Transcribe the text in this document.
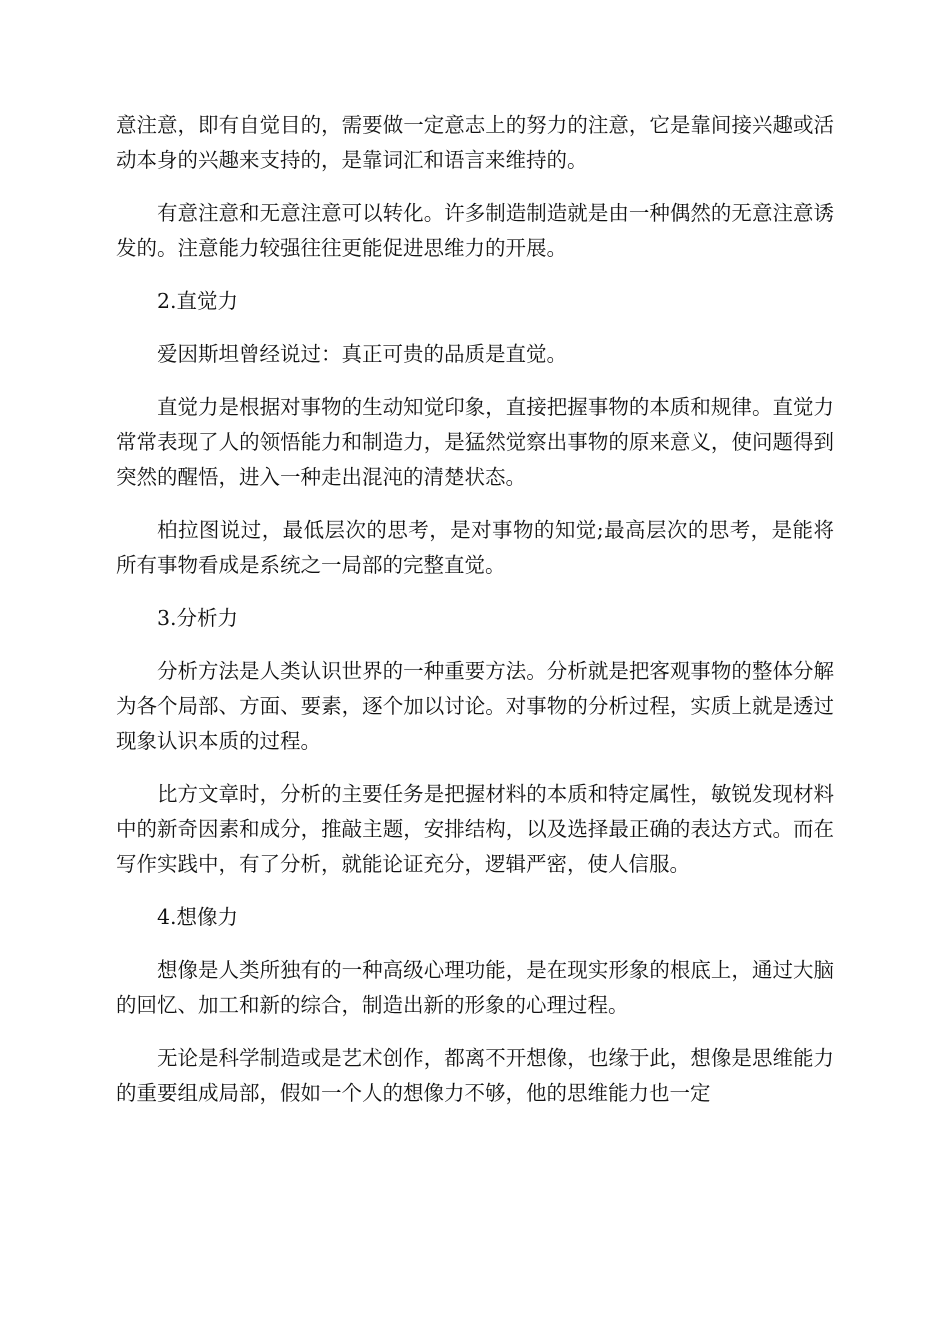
意注意，即有自觉目的，需要做一定意志上的努力的注意，它是靠间接兴趣或活动本身的兴趣来支持的，是靠词汇和语言来维持的。

有意注意和无意注意可以转化。许多制造制造就是由一种偶然的无意注意诱发的。注意能力较强往往更能促进思维力的开展。

2.直觉力

爱因斯坦曾经说过：真正可贵的品质是直觉。

直觉力是根据对事物的生动知觉印象，直接把握事物的本质和规律。直觉力常常表现了人的领悟能力和制造力，是猛然觉察出事物的原来意义，使问题得到突然的醒悟，进入一种走出混沌的清楚状态。

柏拉图说过，最低层次的思考，是对事物的知觉;最高层次的思考，是能将所有事物看成是系统之一局部的完整直觉。

3.分析力

分析方法是人类认识世界的一种重要方法。分析就是把客观事物的整体分解为各个局部、方面、要素，逐个加以讨论。对事物的分析过程，实质上就是透过现象认识本质的过程。

比方文章时，分析的主要任务是把握材料的本质和特定属性，敏锐发现材料中的新奇因素和成分，推敲主题，安排结构，以及选择最正确的表达方式。而在写作实践中，有了分析，就能论证充分，逻辑严密，使人信服。

4.想像力

想像是人类所独有的一种高级心理功能，是在现实形象的根底上，通过大脑的回忆、加工和新的综合，制造出新的形象的心理过程。

无论是科学制造或是艺术创作，都离不开想像，也缘于此，想像是思维能力的重要组成局部，假如一个人的想像力不够，他的思维能力也一定
